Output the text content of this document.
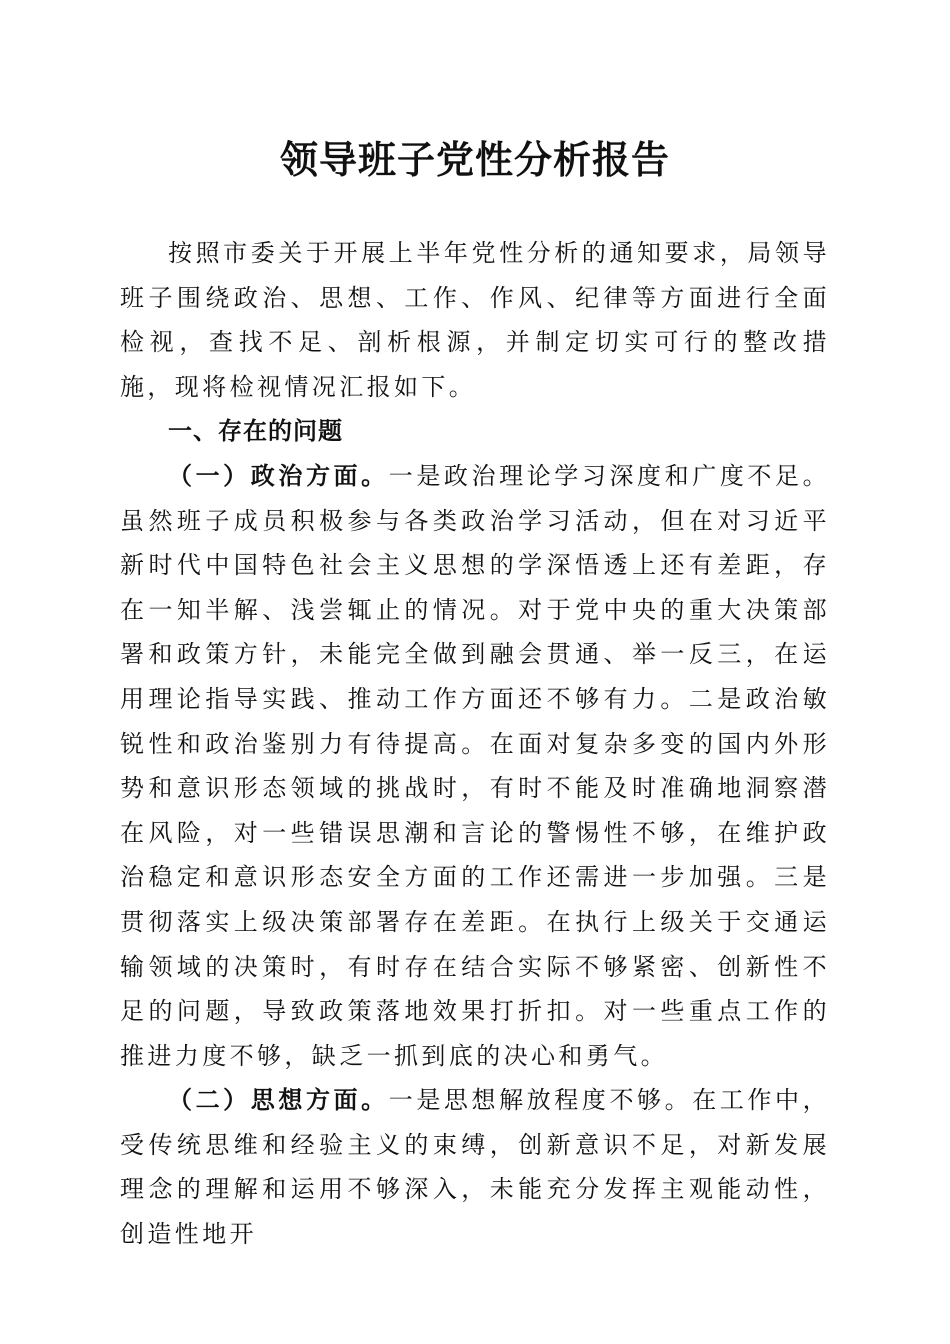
领导班子党性分析报告

按照市委关于开展上半年党性分析的通知要求，局领导班子围绕政治、思想、工作、作风、纪律等方面进行全面检视，查找不足、剖析根源，并制定切实可行的整改措施，现将检视情况汇报如下。

一、存在的问题

（一）政治方面。一是政治理论学习深度和广度不足。虽然班子成员积极参与各类政治学习活动，但在对习近平新时代中国特色社会主义思想的学深悟透上还有差距，存在一知半解、浅尝辄止的情况。对于党中央的重大决策部署和政策方针，未能完全做到融会贯通、举一反三，在运用理论指导实践、推动工作方面还不够有力。二是政治敏锐性和政治鉴别力有待提高。在面对复杂多变的国内外形势和意识形态领域的挑战时，有时不能及时准确地洞察潜在风险，对一些错误思潮和言论的警惕性不够，在维护政治稳定和意识形态安全方面的工作还需进一步加强。三是贯彻落实上级决策部署存在差距。在执行上级关于交通运输领域的决策时，有时存在结合实际不够紧密、创新性不足的问题，导致政策落地效果打折扣。对一些重点工作的推进力度不够，缺乏一抓到底的决心和勇气。

（二）思想方面。一是思想解放程度不够。在工作中，受传统思维和经验主义的束缚，创新意识不足，对新发展理念的理解和运用不够深入，未能充分发挥主观能动性，创造性地开
